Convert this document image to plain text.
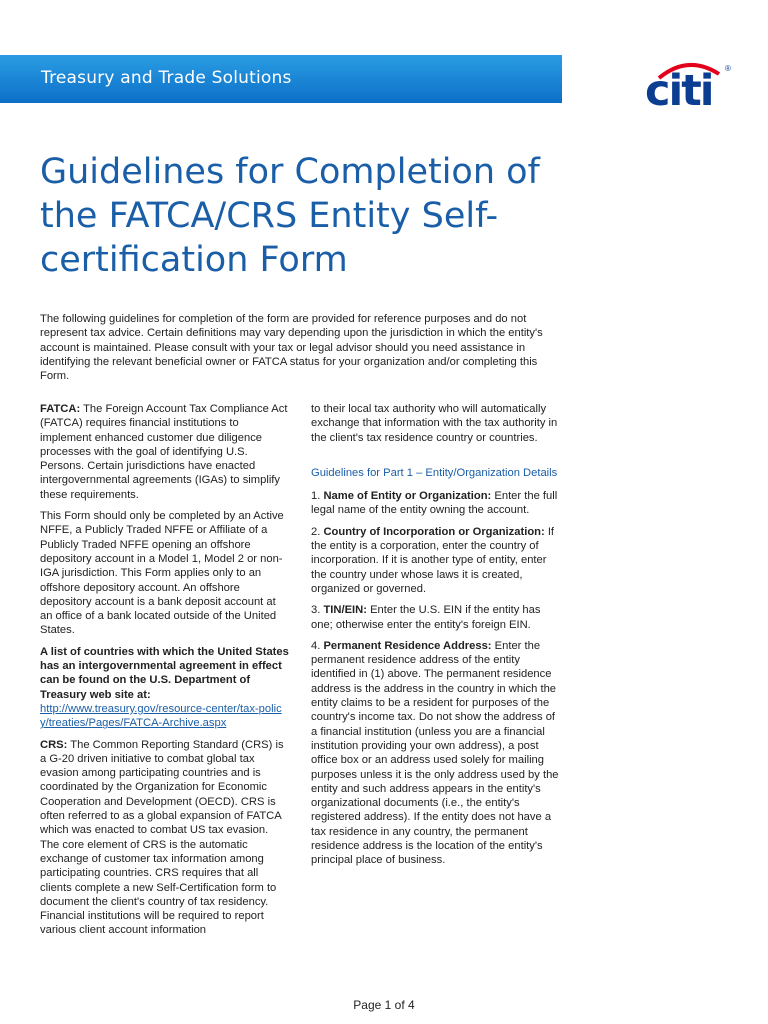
Treasury and Trade Solutions	citi ®
Guidelines for Completion of the FATCA/CRS Entity Self-certification Form

The following guidelines for completion of the form are provided for reference purposes and do not represent tax advice. Certain definitions may vary depending upon the jurisdiction in which the entity's account is maintained. Please consult with your tax or legal advisor should you need assistance in identifying the relevant beneficial owner or FATCA status for your organization and/or completing this Form.

FATCA: The Foreign Account Tax Compliance Act (FATCA) requires financial institutions to implement enhanced customer due diligence processes with the goal of identifying U.S. Persons. Certain jurisdictions have enacted intergovernmental agreements (IGAs) to simplify these requirements.

This Form should only be completed by an Active NFFE, a Publicly Traded NFFE or Affiliate of a Publicly Traded NFFE opening an offshore depository account in a Model 1, Model 2 or non-IGA jurisdiction. This Form applies only to an offshore depository account. An offshore depository account is a bank deposit account at an office of a bank located outside of the United States.

A list of countries with which the United States has an intergovernmental agreement in effect can be found on the U.S. Department of Treasury web site at:
http://www.treasury.gov/resource-center/tax-policy/treaties/Pages/FATCA-Archive.aspx

CRS: The Common Reporting Standard (CRS) is a G-20 driven initiative to combat global tax evasion among participating countries and is coordinated by the Organization for Economic Cooperation and Development (OECD). CRS is often referred to as a global expansion of FATCA which was enacted to combat US tax evasion. The core element of CRS is the automatic exchange of customer tax information among participating countries. CRS requires that all clients complete a new Self-Certification form to document the client's country of tax residency. Financial institutions will be required to report various client account information

to their local tax authority who will automatically exchange that information with the tax authority in the client's tax residence country or countries.

Guidelines for Part 1 – Entity/Organization Details

1. Name of Entity or Organization: Enter the full legal name of the entity owning the account.

2. Country of Incorporation or Organization: If the entity is a corporation, enter the country of incorporation. If it is another type of entity, enter the country under whose laws it is created, organized or governed.

3. TIN/EIN: Enter the U.S. EIN if the entity has one; otherwise enter the entity's foreign EIN.

4. Permanent Residence Address: Enter the permanent residence address of the entity identified in (1) above. The permanent residence address is the address in the country in which the entity claims to be a resident for purposes of the country's income tax. Do not show the address of a financial institution (unless you are a financial institution providing your own address), a post office box or an address used solely for mailing purposes unless it is the only address used by the entity and such address appears in the entity's organizational documents (i.e., the entity's registered address). If the entity does not have a tax residence in any country, the permanent residence address is the location of the entity's principal place of business.

Page 1 of 4
